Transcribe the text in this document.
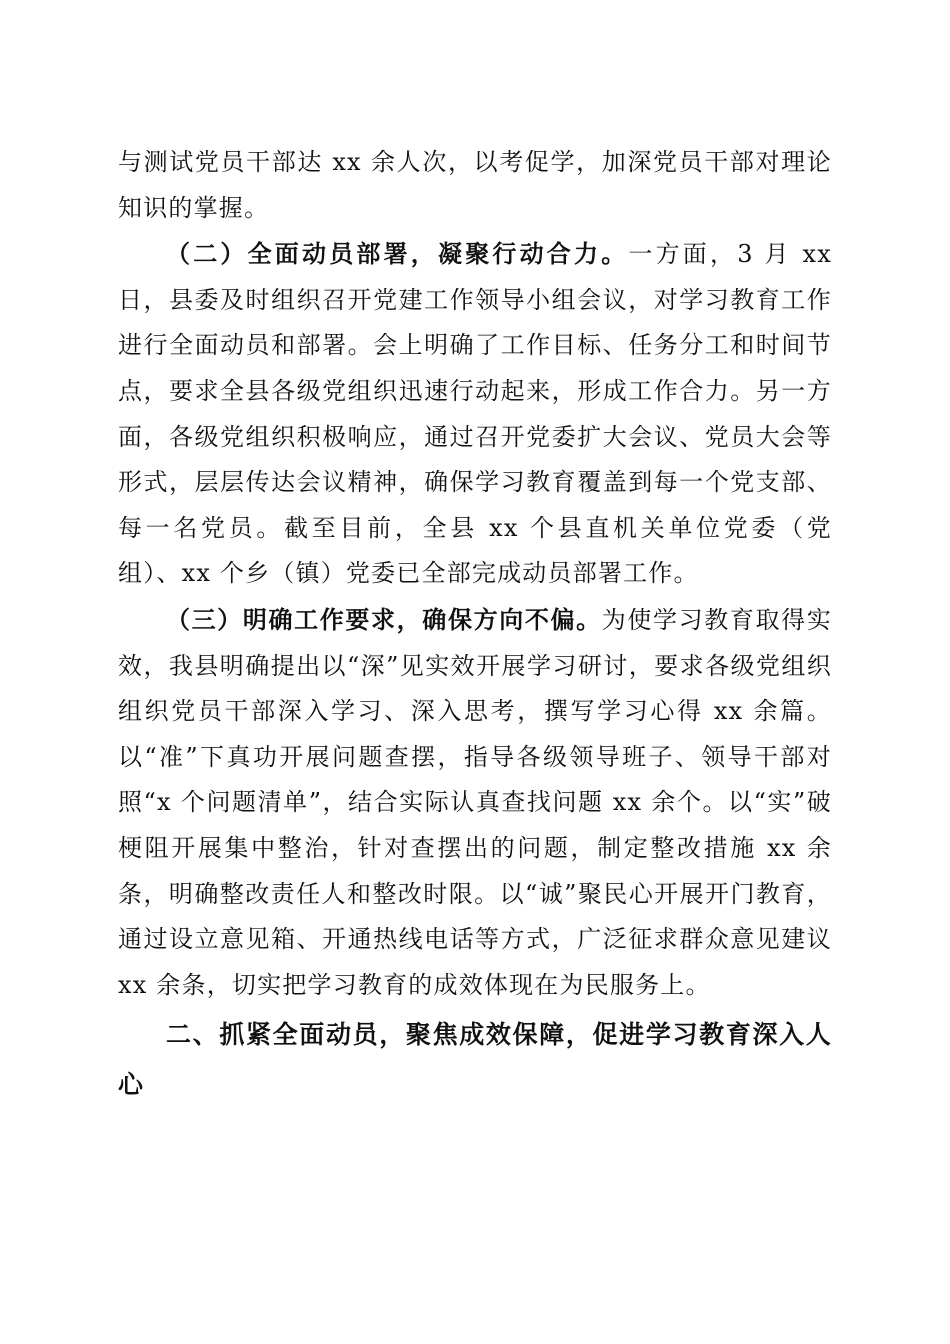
与测试党员干部达 xx 余人次，以考促学，加深党员干部对理论知识的掌握。

（二）全面动员部署，凝聚行动合力。一方面，3 月 xx 日，县委及时组织召开党建工作领导小组会议，对学习教育工作进行全面动员和部署。会上明确了工作目标、任务分工和时间节点，要求全县各级党组织迅速行动起来，形成工作合力。另一方面，各级党组织积极响应，通过召开党委扩大会议、党员大会等形式，层层传达会议精神，确保学习教育覆盖到每一个党支部、每一名党员。截至目前，全县 xx 个县直机关单位党委（党组）、xx 个乡（镇）党委已全部完成动员部署工作。

（三）明确工作要求，确保方向不偏。为使学习教育取得实效，我县明确提出以“深”见实效开展学习研讨，要求各级党组织组织党员干部深入学习、深入思考，撰写学习心得 xx 余篇。以“准”下真功开展问题查摆，指导各级领导班子、领导干部对照“x 个问题清单”，结合实际认真查找问题 xx 余个。以“实”破梗阻开展集中整治，针对查摆出的问题，制定整改措施 xx 余条，明确整改责任人和整改时限。以“诚”聚民心开展开门教育，通过设立意见箱、开通热线电话等方式，广泛征求群众意见建议 xx 余条，切实把学习教育的成效体现在为民服务上。

二、抓紧全面动员，聚焦成效保障，促进学习教育深入人心
